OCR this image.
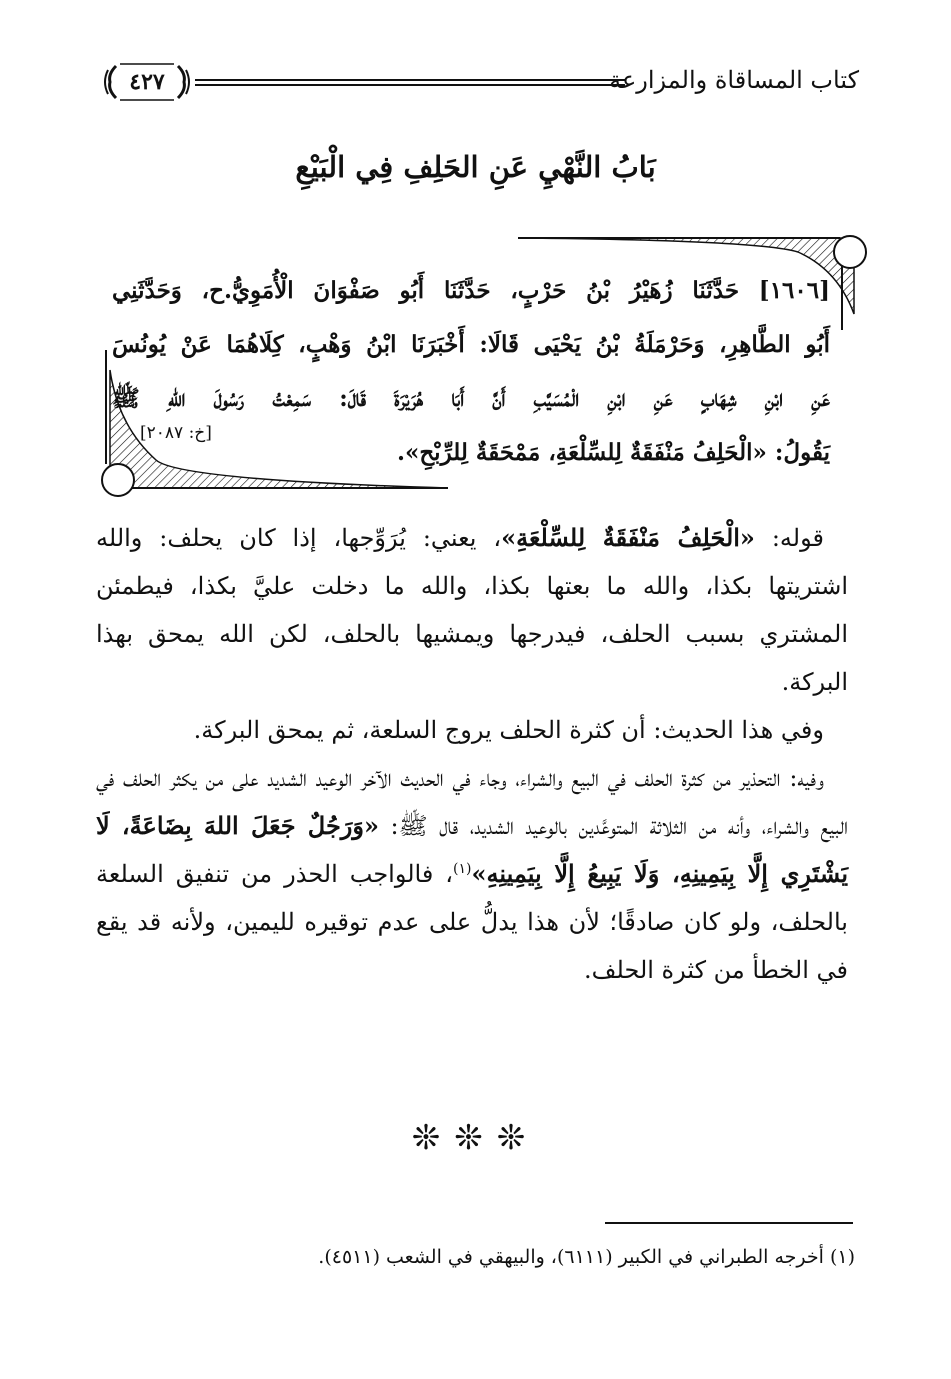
كتاب المساقاة والمزارعة
٤٢٧
بَابُ النَّهْيِ عَنِ الحَلِفِ فِي الْبَيْعِ
[١٦٠٦] حَدَّثَنَا زُهَيْرُ بْنُ حَرْبٍ، حَدَّثَنَا أَبُو صَفْوَانَ الْأُمَوِيُّ.ح، وَحَدَّثَنِي
أَبُو الطَّاهِرِ، وَحَرْمَلَةُ بْنُ يَحْيَى قَالَا: أَخْبَرَنَا ابْنُ وَهْبٍ، كِلَاهُمَا عَنْ يُونُسَ
عَنِ ابْنِ شِهَابٍ عَنِ ابْنِ الْمُسَيَّبِ أَنَّ أَبَا هُرَيْرَةَ قَالَ: سَمِعْتُ رَسُولَ اللهِ ﷺ
يَقُولُ: «الْحَلِفُ مَنْفَقَةٌ لِلسِّلْعَةِ، مَمْحَقَةٌ لِلرِّبْحِ».
[خ: ٢٠٨٧]

قوله: «الْحَلِفُ مَنْفَقَةٌ لِلسِّلْعَةِ»، يعني: يُرَوِّجها، إذا كان يحلف: والله اشتريتها بكذا، والله ما بعتها بكذا، والله ما دخلت عليَّ بكذا، فيطمئن المشتري بسبب الحلف، فيدرجها ويمشيها بالحلف، لكن الله يمحق بهذا البركة.

وفي هذا الحديث: أن كثرة الحلف يروج السلعة، ثم يمحق البركة.

وفيه: التحذير من كثرة الحلف في البيع والشراء، وجاء في الحديث الآخر الوعيد الشديد على من يكثر الحلف في البيع والشراء، وأنه من الثلاثة المتوعَّدين بالوعيد الشديد، قال ﷺ: «وَرَجُلٌ جَعَلَ اللهَ بِضَاعَةً، لَا يَشْتَرِي إِلَّا بِيَمِينِهِ، وَلَا يَبِيعُ إِلَّا بِيَمِينِهِ»$^{(١)}$، فالواجب الحذر من تنفيق السلعة بالحلف، ولو كان صادقًا؛ لأن هذا يدلُّ على عدم توقيره لليمين، ولأنه قد يقع في الخطأ من كثرة الحلف.

❊❊❊
(١) أخرجه الطبراني في الكبير (٦١١١)، والبيهقي في الشعب (٤٥١١).
